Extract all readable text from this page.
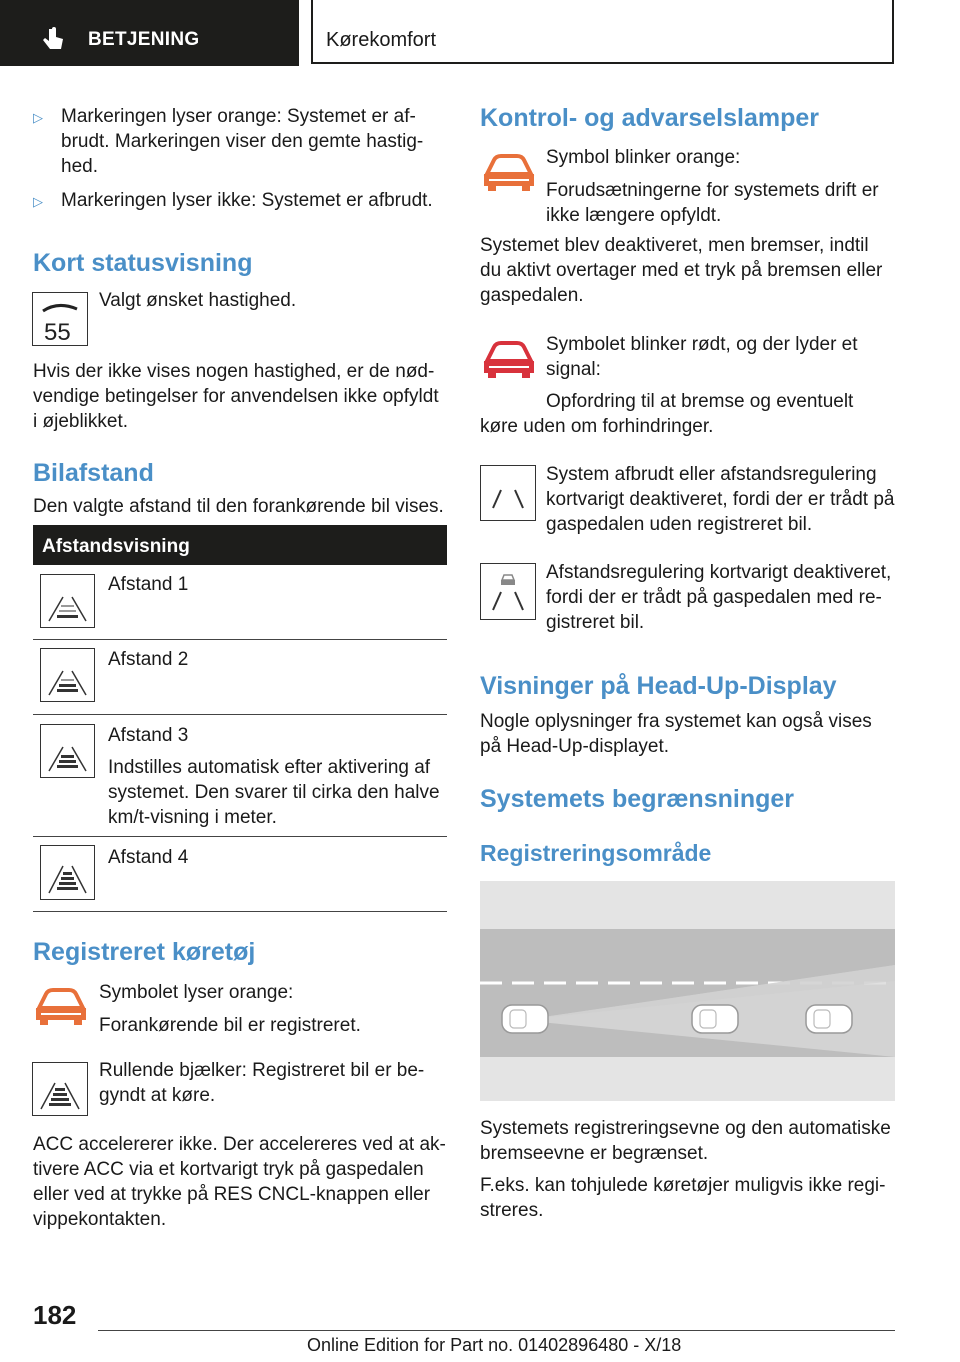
BETJENING	Kørekomfort
▷ Markeringen lyser orange: Systemet er af-
brudt. Markeringen viser den gemte hastig-
hed.
▷ Markeringen lyser ikke: Systemet er afbrudt.
Kort statusvisning
55
Valgt ønsket hastighed.
Hvis der ikke vises nogen hastighed, er de nød-
vendige betingelser for anvendelsen ikke opfyldt
i øjeblikket.
Bilafstand
Den valgte afstand til den forankørende bil vises.
Afstandsvisning
Afstand 1
Afstand 2
Afstand 3
Indstilles automatisk efter aktivering af
systemet. Den svarer til cirka den halve
km/t-visning i meter.
Afstand 4
Registreret køretøj
Symbolet lyser orange:
Forankørende bil er registreret.
Rullende bjælker: Registreret bil er be-
gyndt at køre.
ACC accelererer ikke. Der accelereres ved at ak-
tivere ACC via et kortvarigt tryk på gaspedalen
eller ved at trykke på RES CNCL-knappen eller
vippekontakten.
Kontrol- og advarselslamper
Symbol blinker orange:
Forudsætningerne for systemets drift er
ikke længere opfyldt.
Systemet blev deaktiveret, men bremser, indtil
du aktivt overtager med et tryk på bremsen eller
gaspedalen.
Symbolet blinker rødt, og der lyder et
signal:
Opfordring til at bremse og eventuelt
køre uden om forhindringer.
System afbrudt eller afstandsregulering
kortvarigt deaktiveret, fordi der er trådt på
gaspedalen uden registreret bil.
Afstandsregulering kortvarigt deaktiveret,
fordi der er trådt på gaspedalen med re-
gistreret bil.
Visninger på Head-Up-Display
Nogle oplysninger fra systemet kan også vises
på Head-Up-displayet.
Systemets begrænsninger
Registreringsområde
Systemets registreringsevne og den automatiske
bremseevne er begrænset.
F.eks. kan tohjulede køretøjer muligvis ikke regi-
streres.
182
Online Edition for Part no. 01402896480 - X/18
